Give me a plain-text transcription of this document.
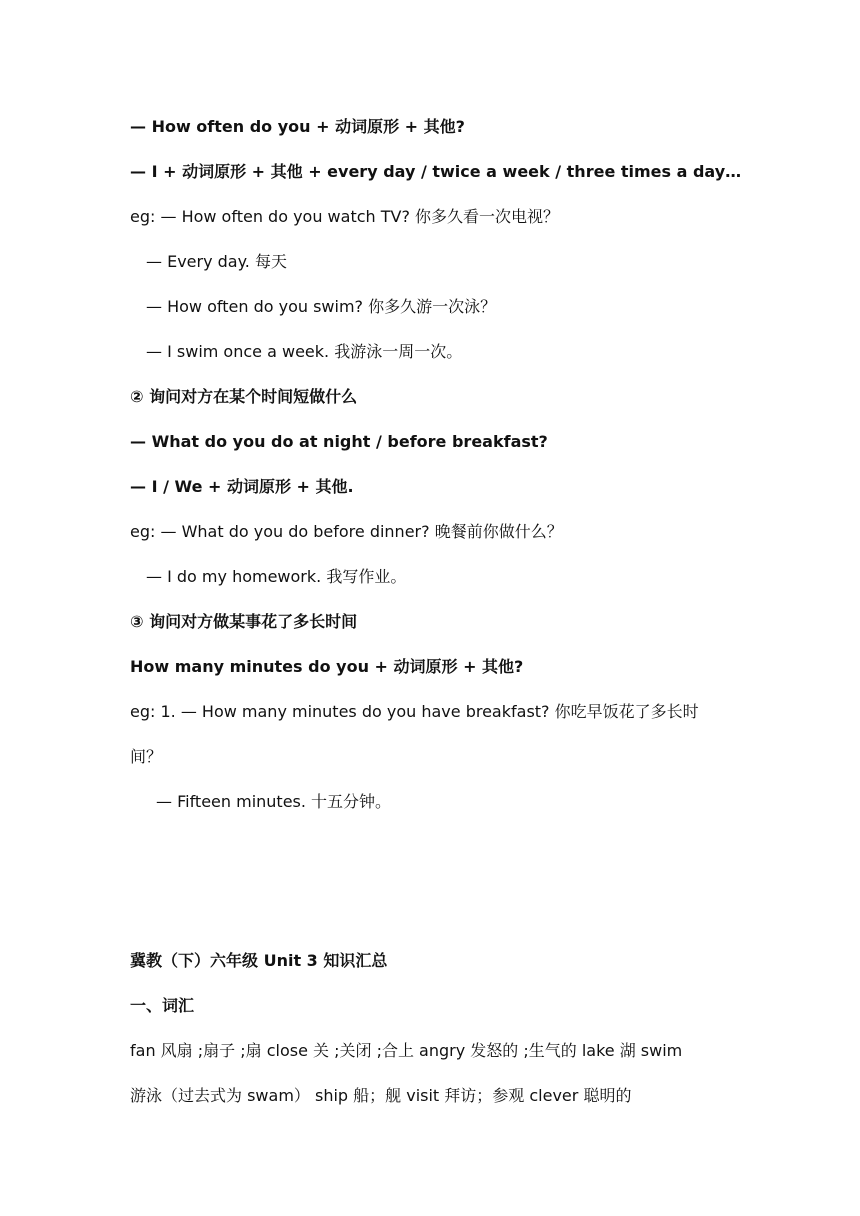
— How often do you + 动词原形 + 其他?
— I + 动词原形 + 其他 + every day / twice a week / three times a day…
eg: — How often do you watch TV? 你多久看一次电视？
— Every day. 每天
— How often do you swim? 你多久游一次泳？
— I swim once a week. 我游泳一周一次。
② 询问对方在某个时间短做什么
— What do you do at night / before breakfast?
— I / We + 动词原形 + 其他.
eg: — What do you do before dinner? 晚餐前你做什么？
— I do my homework. 我写作业。
③ 询问对方做某事花了多长时间
How many minutes do you + 动词原形 + 其他?
eg: 1. — How many minutes do you have breakfast? 你吃早饭花了多长时
间？
— Fifteen minutes. 十五分钟。
冀教（下）六年级 Unit 3 知识汇总
一、词汇
fan 风扇 ;扇子 ;扇 close 关 ;关闭 ;合上 angry 发怒的 ;生气的 lake 湖 swim
游泳（过去式为 swam） ship 船；舰 visit 拜访；参观 clever 聪明的
